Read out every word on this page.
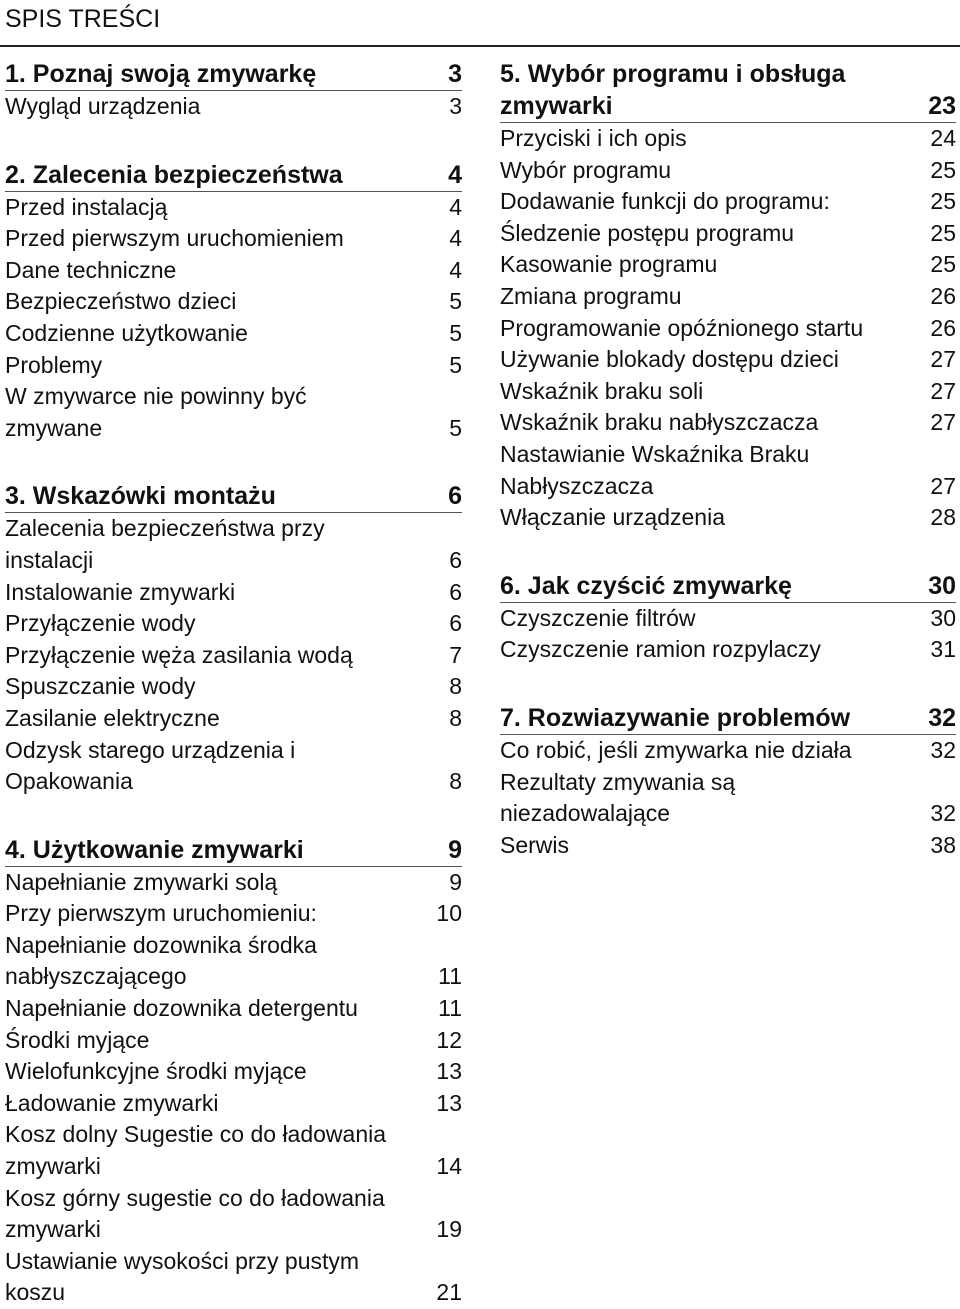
SPIS TREŚCI
1. Poznaj swoją zmywarkę	3
Wygląd urządzenia	3
2. Zalecenia bezpieczeństwa	4
Przed instalacją	4
Przed pierwszym uruchomieniem	4
Dane techniczne	4
Bezpieczeństwo dzieci	5
Codzienne użytkowanie	5
Problemy	5
W zmywarce nie powinny być
zmywane	5
3. Wskazówki montażu	6
Zalecenia bezpieczeństwa przy
instalacji	6
Instalowanie zmywarki	6
Przyłączenie wody	6
Przyłączenie węża zasilania wodą	7
Spuszczanie wody	8
Zasilanie elektryczne	8
Odzysk starego urządzenia i
Opakowania	8
4. Użytkowanie zmywarki	9
Napełnianie zmywarki solą	9
Przy pierwszym uruchomieniu:	10
Napełnianie dozownika środka
nabłyszczającego	11
Napełnianie dozownika detergentu	11
Środki myjące	12
Wielofunkcyjne środki myjące	13
Ładowanie zmywarki	13
Kosz dolny Sugestie co do ładowania
zmywarki	14
Kosz górny sugestie co do ładowania
zmywarki	19
Ustawianie wysokości przy pustym
koszu	21
5. Wybór programu i obsługa
zmywarki	23
Przyciski i ich opis	24
Wybór programu	25
Dodawanie funkcji do programu:	25
Śledzenie postępu programu	25
Kasowanie programu	25
Zmiana programu	26
Programowanie opóźnionego startu	26
Używanie blokady dostępu dzieci	27
Wskaźnik braku soli	27
Wskaźnik braku nabłyszczacza	27
Nastawianie Wskaźnika Braku
Nabłyszczacza	27
Włączanie urządzenia	28
6. Jak czyścić zmywarkę	30
Czyszczenie filtrów	30
Czyszczenie ramion rozpylaczy	31
7. Rozwiazywanie problemów	32
Co robić, jeśli zmywarka nie działa	32
Rezultaty zmywania są
niezadowalające	32
Serwis	38
